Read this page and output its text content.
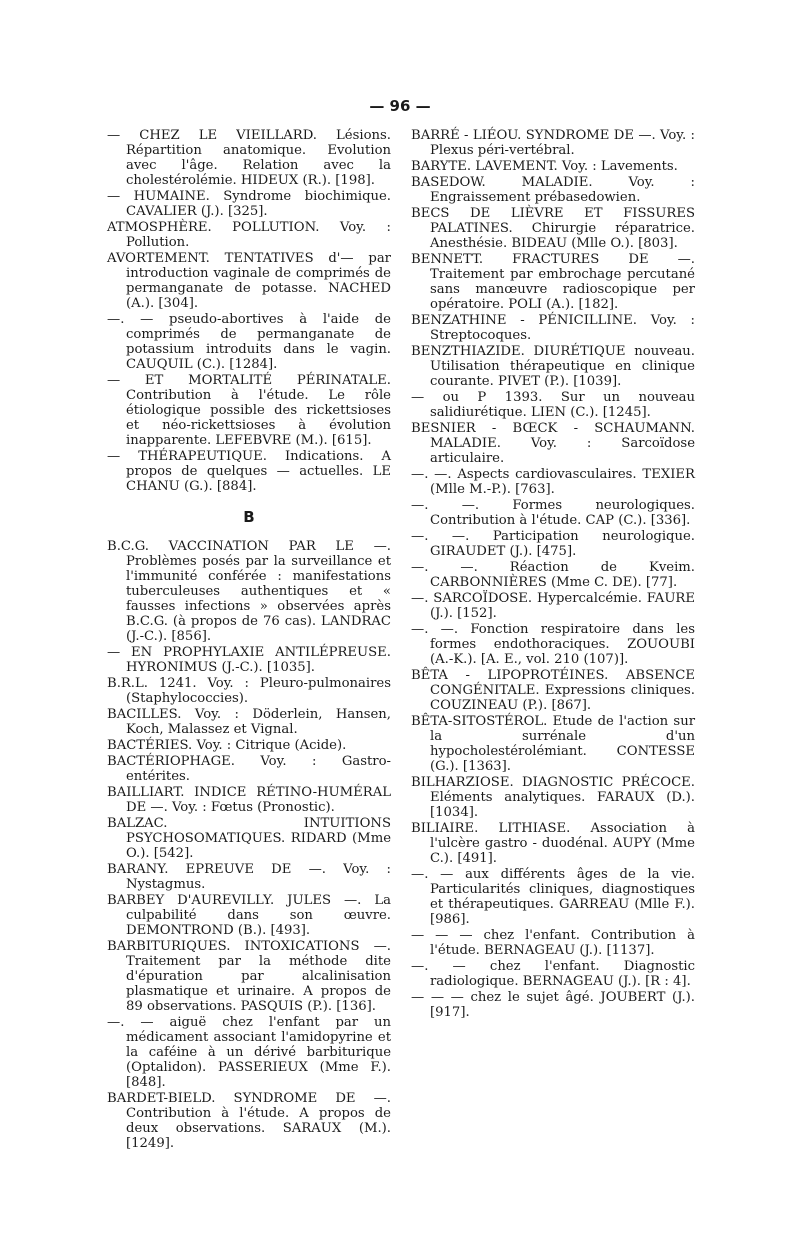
— 96 —

— CHEZ LE VIEILLARD. Lésions. Répartition anatomique. Evolution avec l'âge. Relation avec la cholestérolémie. HIDEUX (R.). [198].

— HUMAINE. Syndrome biochimique. CAVALIER (J.). [325].

ATMOSPHÈRE. POLLUTION. Voy. : Pollution.

AVORTEMENT. TENTATIVES d'— par introduction vaginale de comprimés de permanganate de potasse. NACHED (A.). [304].

—. — pseudo-abortives à l'aide de comprimés de permanganate de potassium introduits dans le vagin. CAUQUIL (C.). [1284].

— ET MORTALITÉ PÉRINATALE. Contribution à l'étude. Le rôle étiologique possible des rickettsioses et néo-rickettsioses à évolution inapparente. LEFEBVRE (M.). [615].

— THÉRAPEUTIQUE. Indications. A propos de quelques — actuelles. LE CHANU (G.). [884].

B

B.C.G. VACCINATION PAR LE —. Problèmes posés par la surveillance et l'immunité conférée : manifestations tuberculeuses authentiques et « fausses infections » observées après B.C.G. (à propos de 76 cas). LANDRAC (J.-C.). [856].

— EN PROPHYLAXIE ANTILÉPREUSE. HYRONIMUS (J.-C.). [1035].

B.R.L. 1241. Voy. : Pleuro-pulmonaires (Staphylococcies).

BACILLES. Voy. : Döderlein, Hansen, Koch, Malassez et Vignal.

BACTÉRIES. Voy. : Citrique (Acide).

BACTÉRIOPHAGE. Voy. : Gastro-entérites.

BAILLIART. INDICE RÉTINO-HUMÉRAL DE —. Voy. : Fœtus (Pronostic).

BALZAC. INTUITIONS PSYCHOSOMATIQUES. RIDARD (Mme O.). [542].

BARANY. EPREUVE DE —. Voy. : Nystagmus.

BARBEY D'AUREVILLY. JULES —. La culpabilité dans son œuvre. DEMONTROND (B.). [493].

BARBITURIQUES. INTOXICATIONS —. Traitement par la méthode dite d'épuration par alcalinisation plasmatique et urinaire. A propos de 89 observations. PASQUIS (P.). [136].

—. — aiguë chez l'enfant par un médicament associant l'amidopyrine et la caféine à un dérivé barbiturique (Optalidon). PASSERIEUX (Mme F.). [848].

BARDET-BIELD. SYNDROME DE —. Contribution à l'étude. A propos de deux observations. SARAUX (M.). [1249].

BARRÉ - LIÉOU. SYNDROME DE —. Voy. : Plexus péri-vertébral.

BARYTE. LAVEMENT. Voy. : Lavements.

BASEDOW. MALADIE. Voy. : Engraissement prébasedowien.

BECS DE LIÈVRE ET FISSURES PALATINES. Chirurgie réparatrice. Anesthésie. BIDEAU (Mlle O.). [803].

BENNETT. FRACTURES DE —. Traitement par embrochage percutané sans manœuvre radioscopique per opératoire. POLI (A.). [182].

BENZATHINE - PÉNICILLINE. Voy. : Streptocoques.

BENZTHIAZIDE. DIURÉTIQUE nouveau. Utilisation thérapeutique en clinique courante. PIVET (P.). [1039].

— ou P 1393. Sur un nouveau salidiurétique. LIEN (C.). [1245].

BESNIER - BŒCK - SCHAUMANN. MALADIE. Voy. : Sarcoïdose articulaire.

—. —. Aspects cardiovasculaires. TEXIER (Mlle M.-P.). [763].

—. —. Formes neurologiques. Contribution à l'étude. CAP (C.). [336].

—. —. Participation neurologique. GIRAUDET (J.). [475].

—. —. Réaction de Kveim. CARBONNIÈRES (Mme C. DE). [77].

—. SARCOÏDOSE. Hypercalcémie. FAURE (J.). [152].

—. —. Fonction respiratoire dans les formes endothoraciques. ZOUOUBI (A.-K.). [A. E., vol. 210 (107)].

BÊTA - LIPOPROTÉINES. ABSENCE CONGÉNITALE. Expressions cliniques. COUZINEAU (P.). [867].

BÊTA-SITOSTÉROL. Etude de l'action sur la surrénale d'un hypocholestérolémiant. CONTESSE (G.). [1363].

BILHARZIOSE. DIAGNOSTIC PRÉCOCE. Eléments analytiques. FARAUX (D.). [1034].

BILIAIRE. LITHIASE. Association à l'ulcère gastro - duodénal. AUPY (Mme C.). [491].

—. — aux différents âges de la vie. Particularités cliniques, diagnostiques et thérapeutiques. GARREAU (Mlle F.). [986].

— — — chez l'enfant. Contribution à l'étude. BERNAGEAU (J.). [1137].

—. — chez l'enfant. Diagnostic radiologique. BERNAGEAU (J.). [R : 4].

— — — chez le sujet âgé. JOUBERT (J.). [917].
